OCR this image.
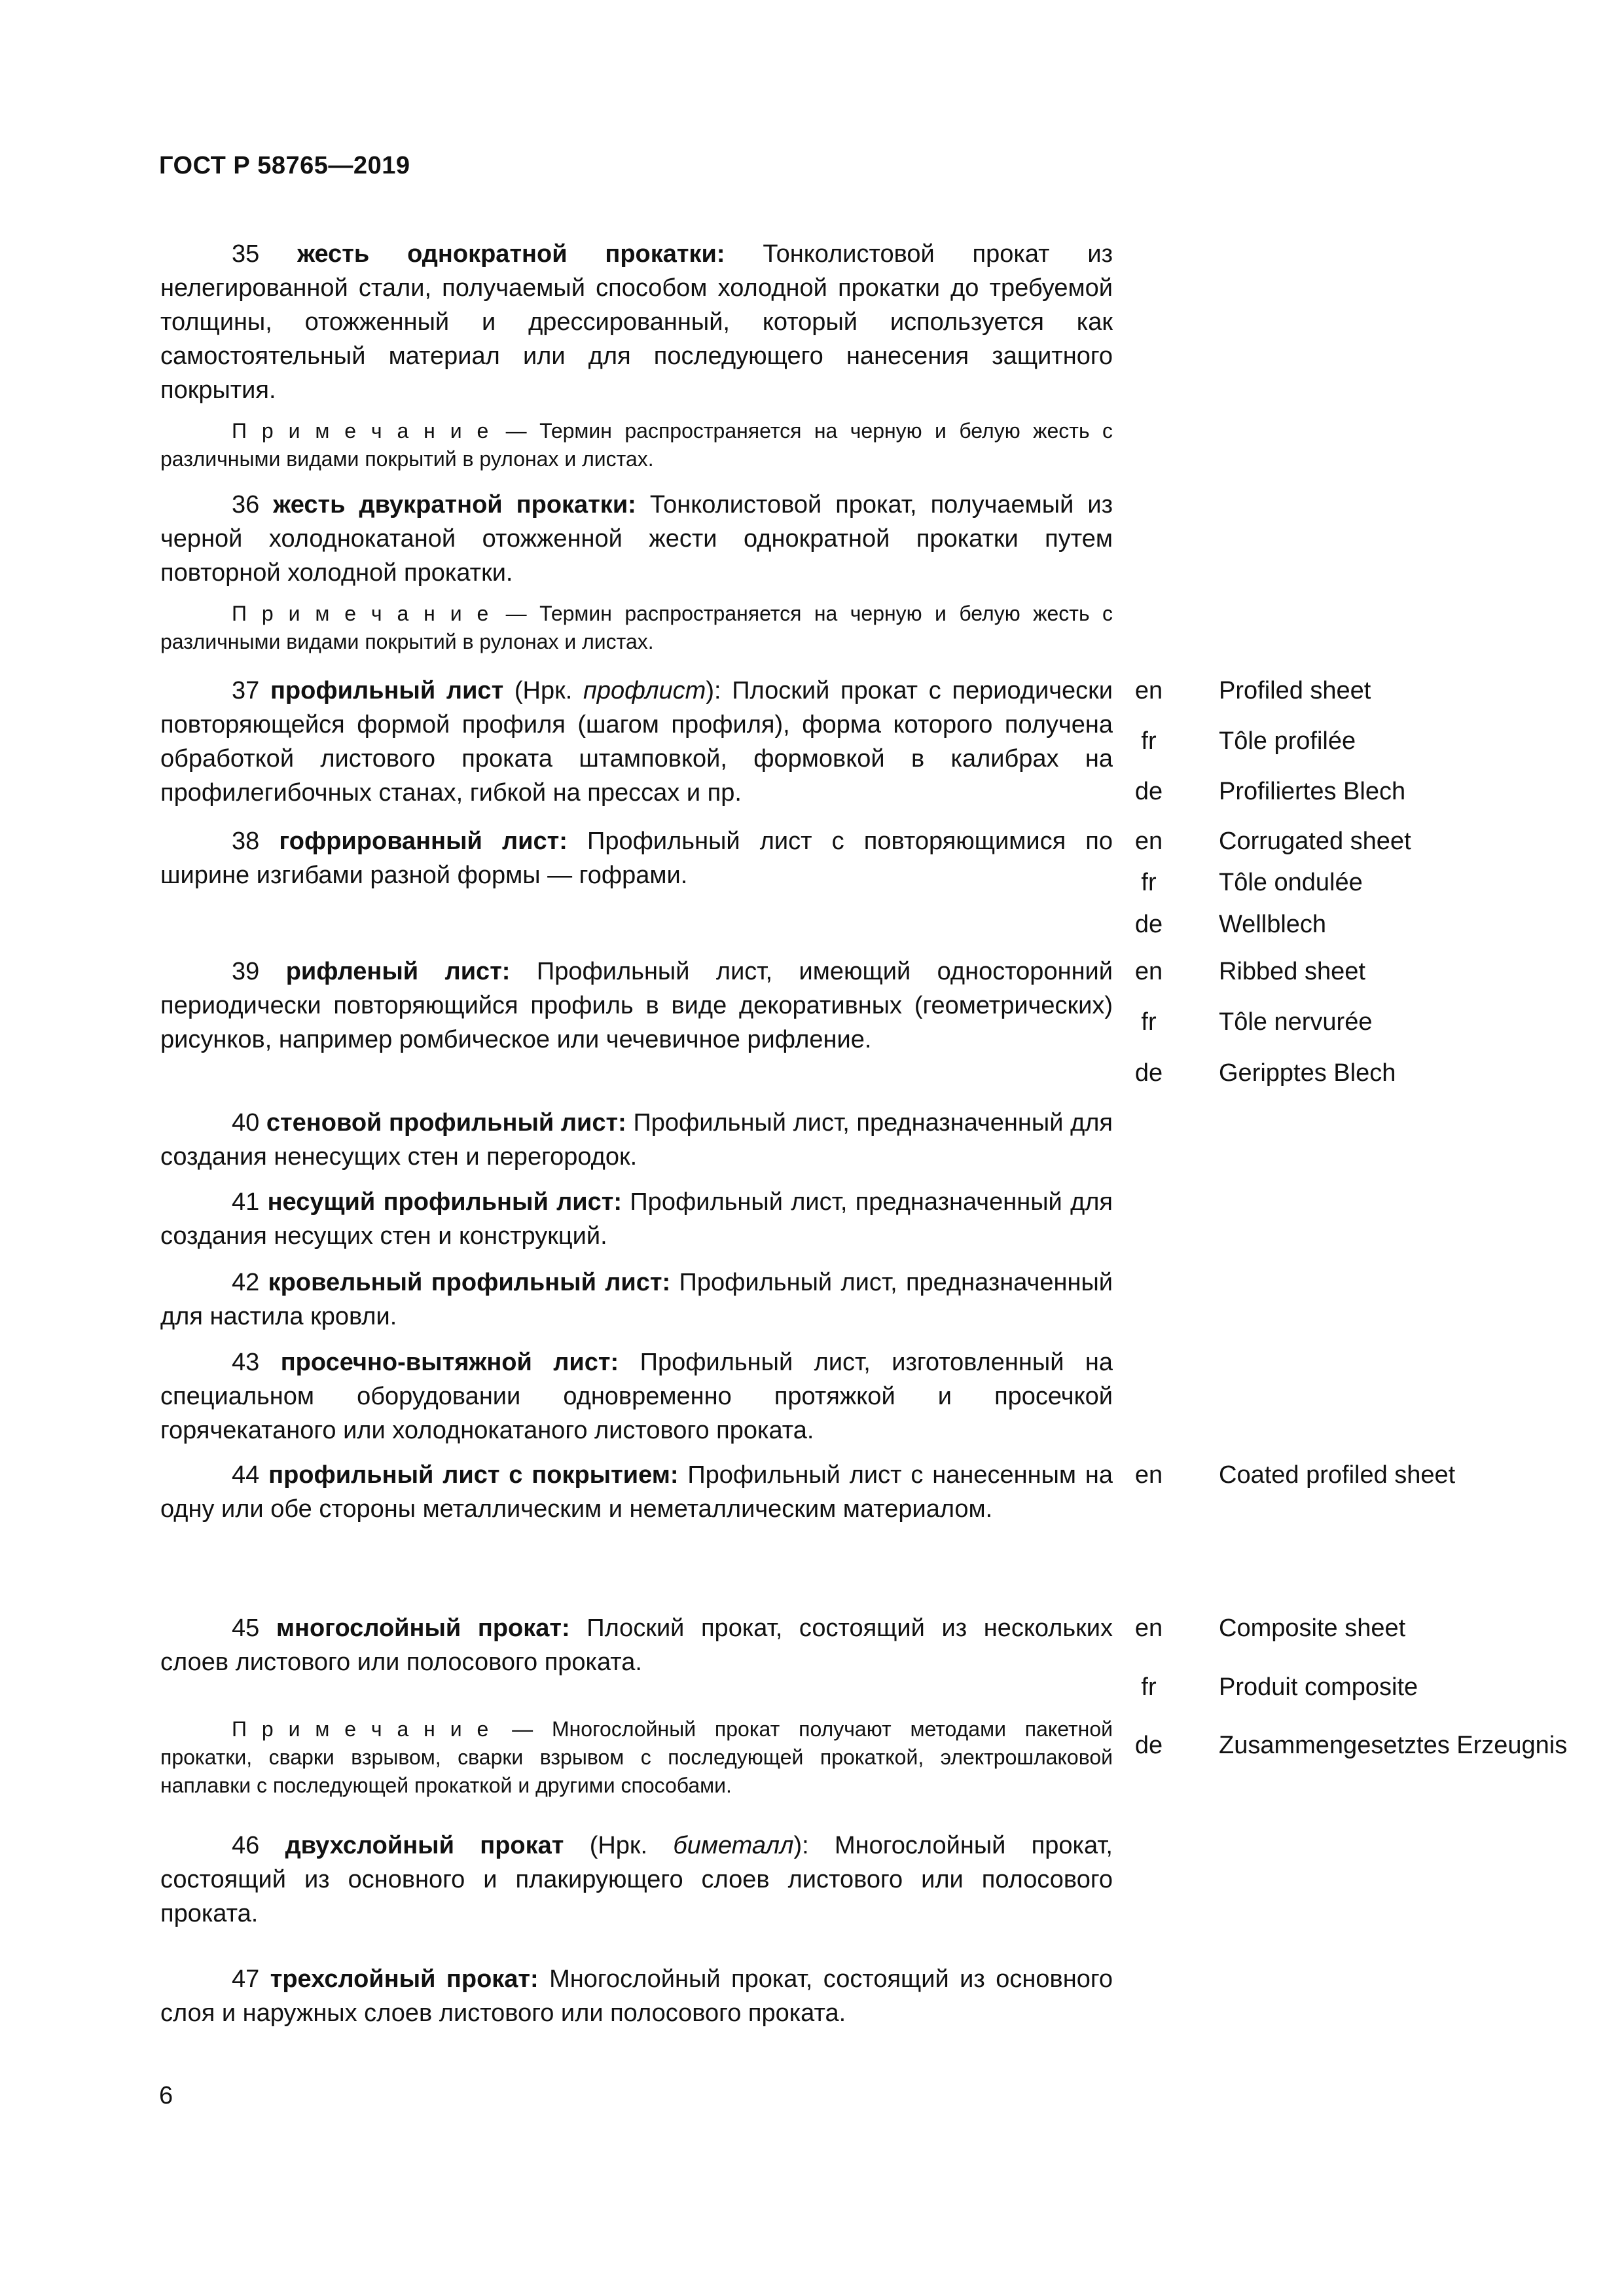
ГОСТ Р 58765—2019
35 жесть однократной прокатки: Тонколистовой прокат из нелегированной стали, получаемый способом холодной прокатки до требуемой толщины, отожженный и дрессированный, который используется как самостоятельный материал или для последующего нанесения защитного покрытия.
П р и м е ч а н и е — Термин распространяется на черную и белую жесть с различными видами покрытий в рулонах и листах.
36 жесть двукратной прокатки: Тонколистовой прокат, получаемый из черной холоднокатаной отожженной жести однократной прокатки путем повторной холодной прокатки.
П р и м е ч а н и е — Термин распространяется на черную и белую жесть с различными видами покрытий в рулонах и листах.
37 профильный лист (Нрк. профлист): Плоский прокат с периодически повторяющейся формой профиля (шагом профиля), форма которого получена обработкой листового проката штамповкой, формовкой в калибрах на профилегибочных станах, гибкой на прессах и пр.
en	Profiled sheet
fr	Tôle profilée
de	Profiliertes Blech
38 гофрированный лист: Профильный лист с повторяющимися по ширине изгибами разной формы — гофрами.
en	Corrugated sheet
fr	Tôle ondulée
de	Wellblech
39 рифленый лист: Профильный лист, имеющий односторонний периодически повторяющийся профиль в виде декоративных (геометрических) рисунков, например ромбическое или чечевичное рифление.
en	Ribbed sheet
fr	Tôle nervurée
de	Geripptes Blech
40 стеновой профильный лист: Профильный лист, предназначенный для создания ненесущих стен и перегородок.
41 несущий профильный лист: Профильный лист, предназначенный для создания несущих стен и конструкций.
42 кровельный профильный лист: Профильный лист, предназначенный для настила кровли.
43 просечно-вытяжной лист: Профильный лист, изготовленный на специальном оборудовании одновременно протяжкой и просечкой горячекатаного или холоднокатаного листового проката.
44 профильный лист с покрытием: Профильный лист с нанесенным на одну или обе стороны металлическим и неметаллическим материалом.
en	Coated profiled sheet
45 многослойный прокат: Плоский прокат, состоящий из нескольких слоев листового или полосового проката.
П р и м е ч а н и е — Многослойный прокат получают методами пакетной прокатки, сварки взрывом, сварки взрывом с последующей прокаткой, электрошлаковой наплавки с последующей прокаткой и другими способами.
en	Composite sheet
fr	Produit composite
de	Zusammengesetztes Erzeugnis
46 двухслойный прокат (Нрк. биметалл): Многослойный прокат, состоящий из основного и плакирующего слоев листового или полосового проката.
47 трехслойный прокат: Многослойный прокат, состоящий из основного слоя и наружных слоев листового или полосового проката.
6
